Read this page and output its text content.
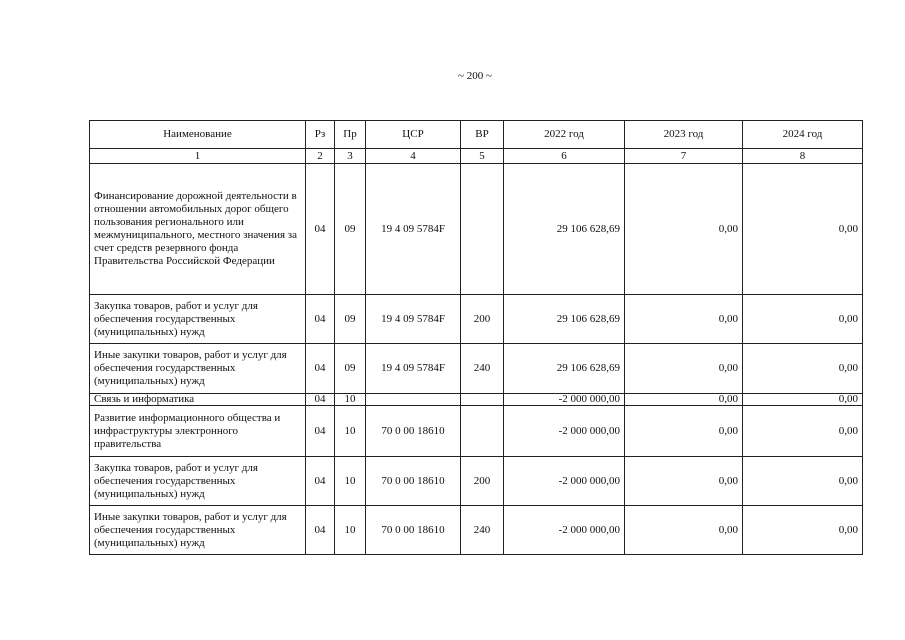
~ 200 ~
Наименование	Рз	Пр	ЦСР	ВР	2022 год	2023 год	2024 год
1	2	3	4	5	6	7	8
Финансирование дорожной деятельности в отношении автомобильных дорог общего пользования регионального или межмуниципального, местного значения за счет средств резервного фонда Правительства Российской Федерации	04	09	19 4 09 5784F		29 106 628,69	0,00	0,00
Закупка товаров, работ и услуг для обеспечения государственных (муниципальных) нужд	04	09	19 4 09 5784F	200	29 106 628,69	0,00	0,00
Иные закупки товаров, работ и услуг для обеспечения государственных (муниципальных) нужд	04	09	19 4 09 5784F	240	29 106 628,69	0,00	0,00
Связь и информатика	04	10			-2 000 000,00	0,00	0,00
Развитие информационного общества и инфраструктуры электронного правительства	04	10	70 0 00 18610		-2 000 000,00	0,00	0,00
Закупка товаров, работ и услуг для обеспечения государственных (муниципальных) нужд	04	10	70 0 00 18610	200	-2 000 000,00	0,00	0,00
Иные закупки товаров, работ и услуг для обеспечения государственных (муниципальных) нужд	04	10	70 0 00 18610	240	-2 000 000,00	0,00	0,00
